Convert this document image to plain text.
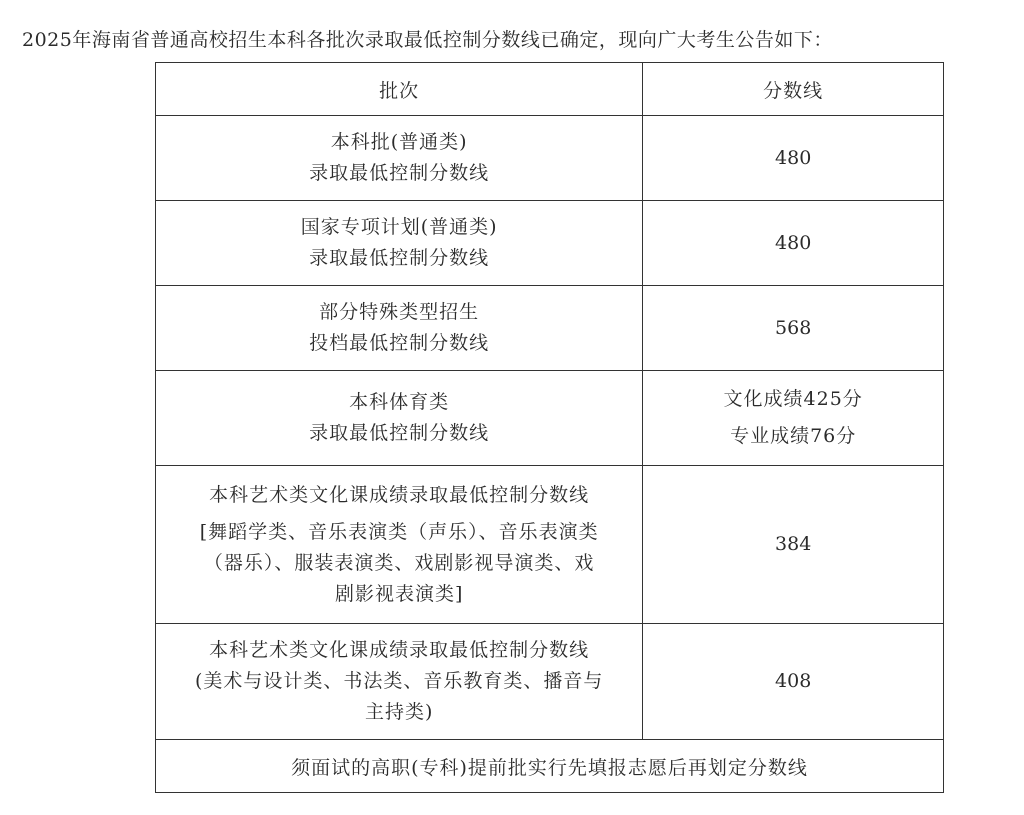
2025年海南省普通高校招生本科各批次录取最低控制分数线已确定，现向广大考生公告如下：

批次	分数线

本科批(普通类)
录取最低控制分数线	480

国家专项计划(普通类)
录取最低控制分数线	480

部分特殊类型招生
投档最低控制分数线	568

本科体育类
录取最低控制分数线	文化成绩425分
专业成绩76分

本科艺术类文化课成绩录取最低控制分数线
[舞蹈学类、音乐表演类（声乐）、音乐表演类
（器乐）、服装表演类、戏剧影视导演类、戏
剧影视表演类]	384

本科艺术类文化课成绩录取最低控制分数线
(美术与设计类、书法类、音乐教育类、播音与
主持类)	408

须面试的高职(专科)提前批实行先填报志愿后再划定分数线	
